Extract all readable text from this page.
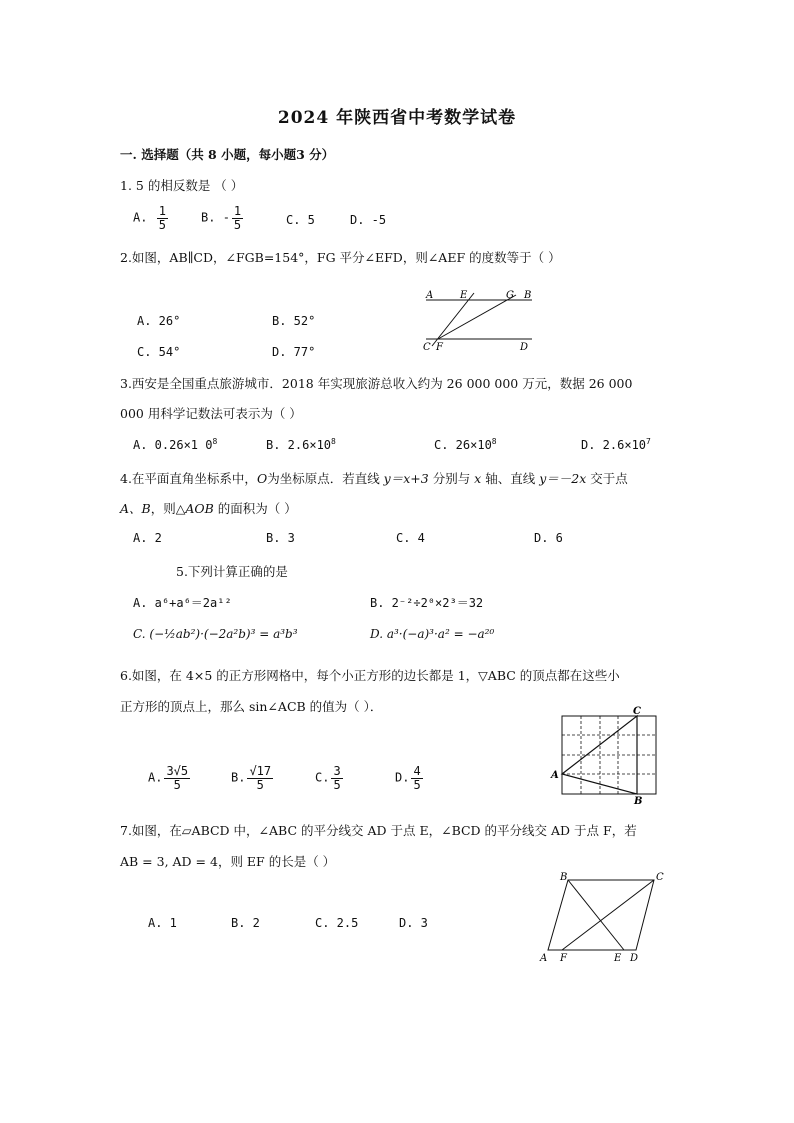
2024 年陕西省中考数学试卷
一. 选择题（共 8 小题，每小题3 分）
1. 5 的相反数是 （ ）
A. $\frac{1}{5}$	B. - $\frac{1}{5}$	C. 5	D. -5
2.如图，AB∥CD，∠FGB=154°，FG 平分∠EFD，则∠AEF 的度数等于（ ）
A. 26°	B. 52°
C. 54°	D. 77°
A	E	G B
C F	D
3.西安是全国重点旅游城市．2018 年实现旅游总收入约为 26 000 000 万元，数据 26 000
000 用科学记数法可表示为（ ）
A. 0.26×1 $0^8$	B. $2.6\times 10^8$	C. $26\times 10^8$	D. $2.6\times 10^7$
4.在平面直角坐标系中，O为坐标原点．若直线 y＝x+3 分别与 x 轴、直线 y＝－2x 交于点
A、B，则△AOB 的面积为（ ）
A. 2	B. 3	C. 4	D. 6
5.下列计算正确的是
A. a⁶+a⁶＝2a¹²	B. 2⁻²÷2⁰×2³＝32
C. (−½ab²)·(−2a²b)³ = a³b³	D. a³·(−a)³·a² = −a²⁰
6.如图，在 4×5 的正方形网格中，每个小正方形的边长都是 1，▽ABC 的顶点都在这些小
正方形的顶点上，那么 sin∠ACB 的值为（ ）．
A. $\frac{3√5}{5}$	B. $\frac{√17}{5}$	C. $\frac{3}{5}$	D. $\frac{4}{5}$
C
A
B
7.如图，在▱ABCD 中，∠ABC 的平分线交 AD 于点 E，∠BCD 的平分线交 AD 于点 F，若
AB = 3, AD = 4，则 EF 的长是（ ）
A. 1	B. 2	C. 2.5	D. 3
B	C
A F	E D
